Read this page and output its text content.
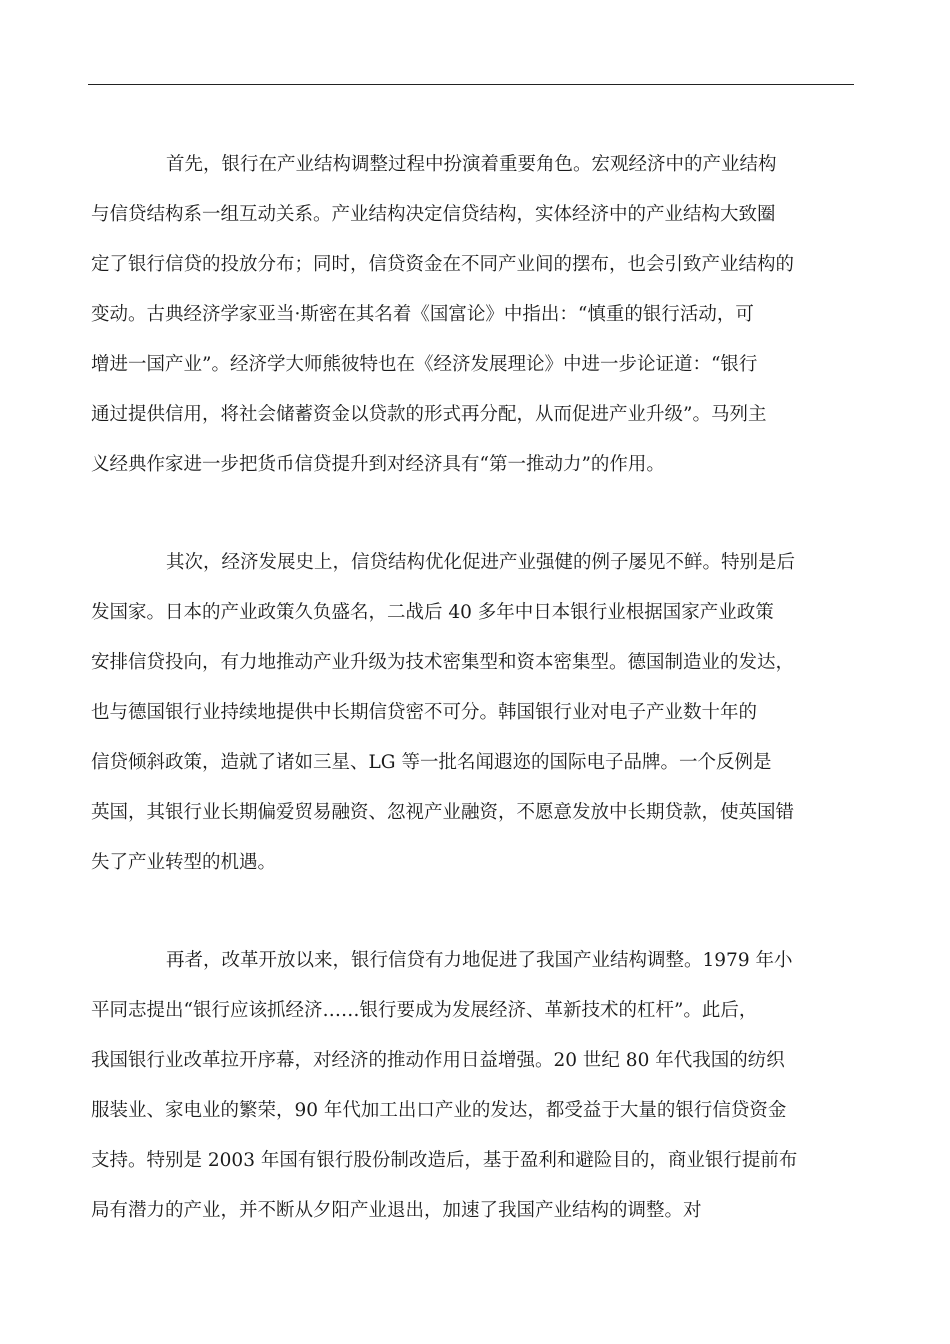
首先，银行在产业结构调整过程中扮演着重要角色。宏观经济中的产业结构
与信贷结构系一组互动关系。产业结构决定信贷结构，实体经济中的产业结构大致圈
定了银行信贷的投放分布；同时，信贷资金在不同产业间的摆布，也会引致产业结构的
变动。古典经济学家亚当·斯密在其名着《国富论》中指出：“慎重的银行活动，可
增进一国产业”。经济学大师熊彼特也在《经济发展理论》中进一步论证道：“银行
通过提供信用，将社会储蓄资金以贷款的形式再分配，从而促进产业升级”。马列主
义经典作家进一步把货币信贷提升到对经济具有“第一推动力”的作用。
其次，经济发展史上，信贷结构优化促进产业强健的例子屡见不鲜。特别是后
发国家。日本的产业政策久负盛名，二战后 40 多年中日本银行业根据国家产业政策
安排信贷投向，有力地推动产业升级为技术密集型和资本密集型。德国制造业的发达，
也与德国银行业持续地提供中长期信贷密不可分。韩国银行业对电子产业数十年的
信贷倾斜政策，造就了诸如三星、LG 等一批名闻遐迩的国际电子品牌。一个反例是
英国，其银行业长期偏爱贸易融资、忽视产业融资，不愿意发放中长期贷款，使英国错
失了产业转型的机遇。
再者，改革开放以来，银行信贷有力地促进了我国产业结构调整。1979 年小
平同志提出“银行应该抓经济……银行要成为发展经济、革新技术的杠杆”。此后，
我国银行业改革拉开序幕，对经济的推动作用日益增强。20 世纪 80 年代我国的纺织
服装业、家电业的繁荣，90 年代加工出口产业的发达，都受益于大量的银行信贷资金
支持。特别是 2003 年国有银行股份制改造后，基于盈利和避险目的，商业银行提前布
局有潜力的产业，并不断从夕阳产业退出，加速了我国产业结构的调整。对
